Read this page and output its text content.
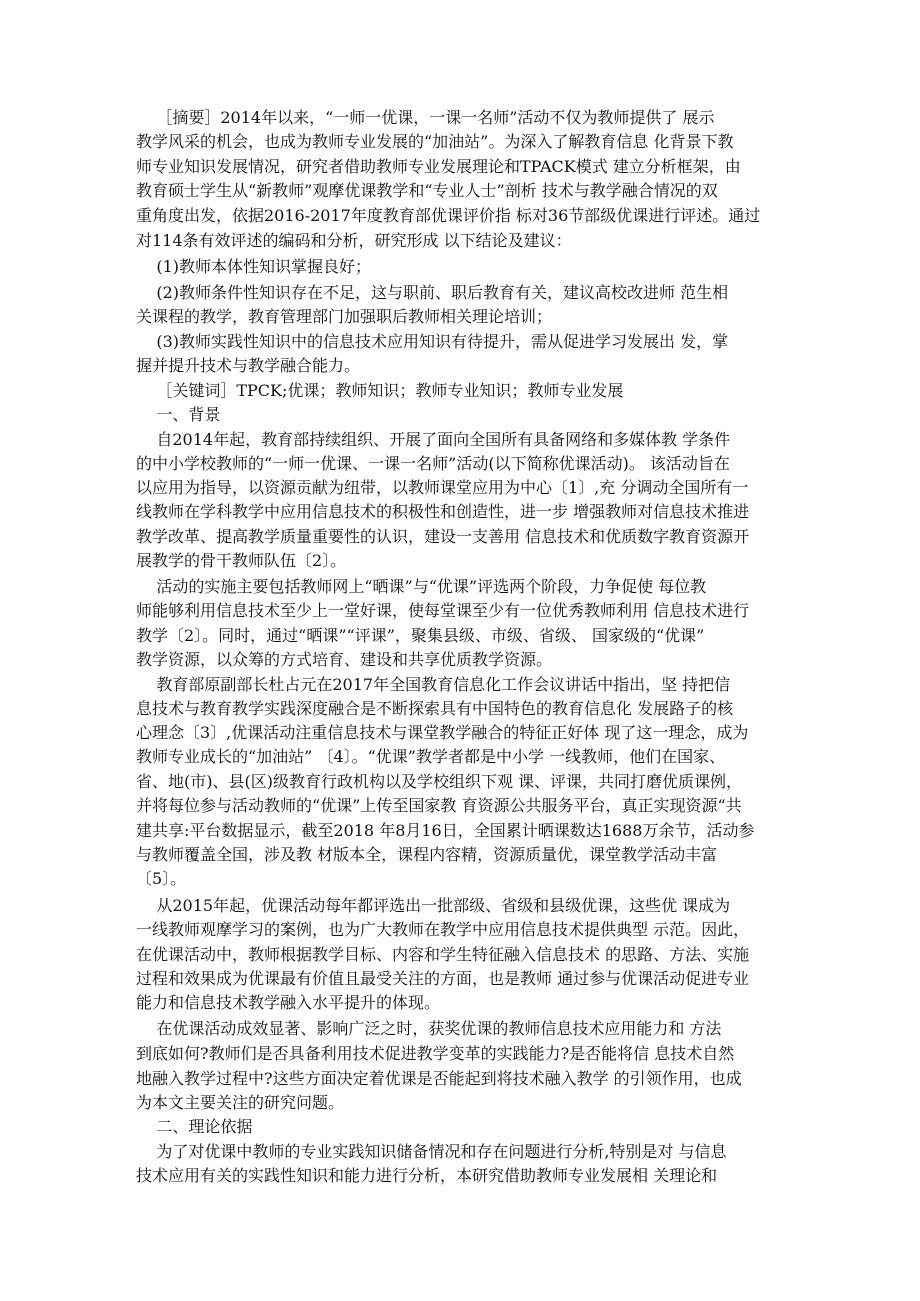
［摘要］2014年以来，“一师一优课，一课一名师”活动不仅为教师提供了 展示
教学风采的机会，也成为教师专业发展的“加油站”。为深入了解教育信息 化背景下教
师专业知识发展情况，研究者借助教师专业发展理论和TPACK模式 建立分析框架，由
教育硕士学生从“新教师”观摩优课教学和“专业人士”剖析 技术与教学融合情况的双
重角度出发，依据2016-2017年度教育部优课评价指 标对36节部级优课进行评述。通过
对114条有效评述的编码和分析，研究形成 以下结论及建议：
(1)教师本体性知识掌握良好；
(2)教师条件性知识存在不足，这与职前、职后教育有关，建议高校改进师 范生相
关课程的教学，教育管理部门加强职后教师相关理论培训；
(3)教师实践性知识中的信息技术应用知识有待提升，需从促进学习发展出 发，掌
握并提升技术与教学融合能力。
［关键词］TPCK;优课；教师知识；教师专业知识；教师专业发展
一、背景
自2014年起，教育部持续组织、开展了面向全国所有具备网络和多媒体教 学条件
的中小学校教师的“一师一优课、一课一名师”活动(以下简称优课活动)。 该活动旨在
以应用为指导，以资源贡献为纽带，以教师课堂应用为中心〔1〕,充 分调动全国所有一
线教师在学科教学中应用信息技术的积极性和创造性，进一步 增强教师对信息技术推进
教学改革、提高教学质量重要性的认识，建设一支善用 信息技术和优质数字教育资源开
展教学的骨干教师队伍〔2〕。
活动的实施主要包括教师网上“晒课”与“优课”评选两个阶段，力争促使 每位教
师能够利用信息技术至少上一堂好课，使每堂课至少有一位优秀教师利用 信息技术进行
教学〔2〕。同时，通过“晒课”“评课”，聚集县级、市级、省级、 国家级的“优课”
教学资源，以众筹的方式培育、建设和共享优质教学资源。
教育部原副部长杜占元在2017年全国教育信息化工作会议讲话中指出，坚 持把信
息技术与教育教学实践深度融合是不断探索具有中国特色的教育信息化 发展路子的核
心理念〔3〕,优课活动注重信息技术与课堂教学融合的特征正好体 现了这一理念，成为
教师专业成长的“加油站” 〔4〕。“优课”教学者都是中小学 一线教师，他们在国家、
省、地(市)、县(区)级教育行政机构以及学校组织下观 课、评课，共同打磨优质课例，
并将每位参与活动教师的“优课”上传至国家教 育资源公共服务平台，真正实现资源“共
建共享:平台数据显示，截至2018 年8月16日，全国累计晒课数达1688万余节，活动参
与教师覆盖全国，涉及教 材版本全，课程内容精，资源质量优，课堂教学活动丰富
〔5〕。
从2015年起，优课活动每年都评选出一批部级、省级和县级优课，这些优 课成为
一线教师观摩学习的案例，也为广大教师在教学中应用信息技术提供典型 示范。因此，
在优课活动中，教师根据教学目标、内容和学生特征融入信息技术 的思路、方法、实施
过程和效果成为优课最有价值且最受关注的方面，也是教师 通过参与优课活动促进专业
能力和信息技术教学融入水平提升的体现。
在优课活动成效显著、影响广泛之时，获奖优课的教师信息技术应用能力和 方法
到底如何?教师们是否具备利用技术促进教学变革的实践能力?是否能将信 息技术自然
地融入教学过程中?这些方面决定着优课是否能起到将技术融入教学 的引领作用，也成
为本文主要关注的研究问题。
二、理论依据
为了对优课中教师的专业实践知识储备情况和存在问题进行分析,特别是对 与信息
技术应用有关的实践性知识和能力进行分析，本研究借助教师专业发展相 关理论和
